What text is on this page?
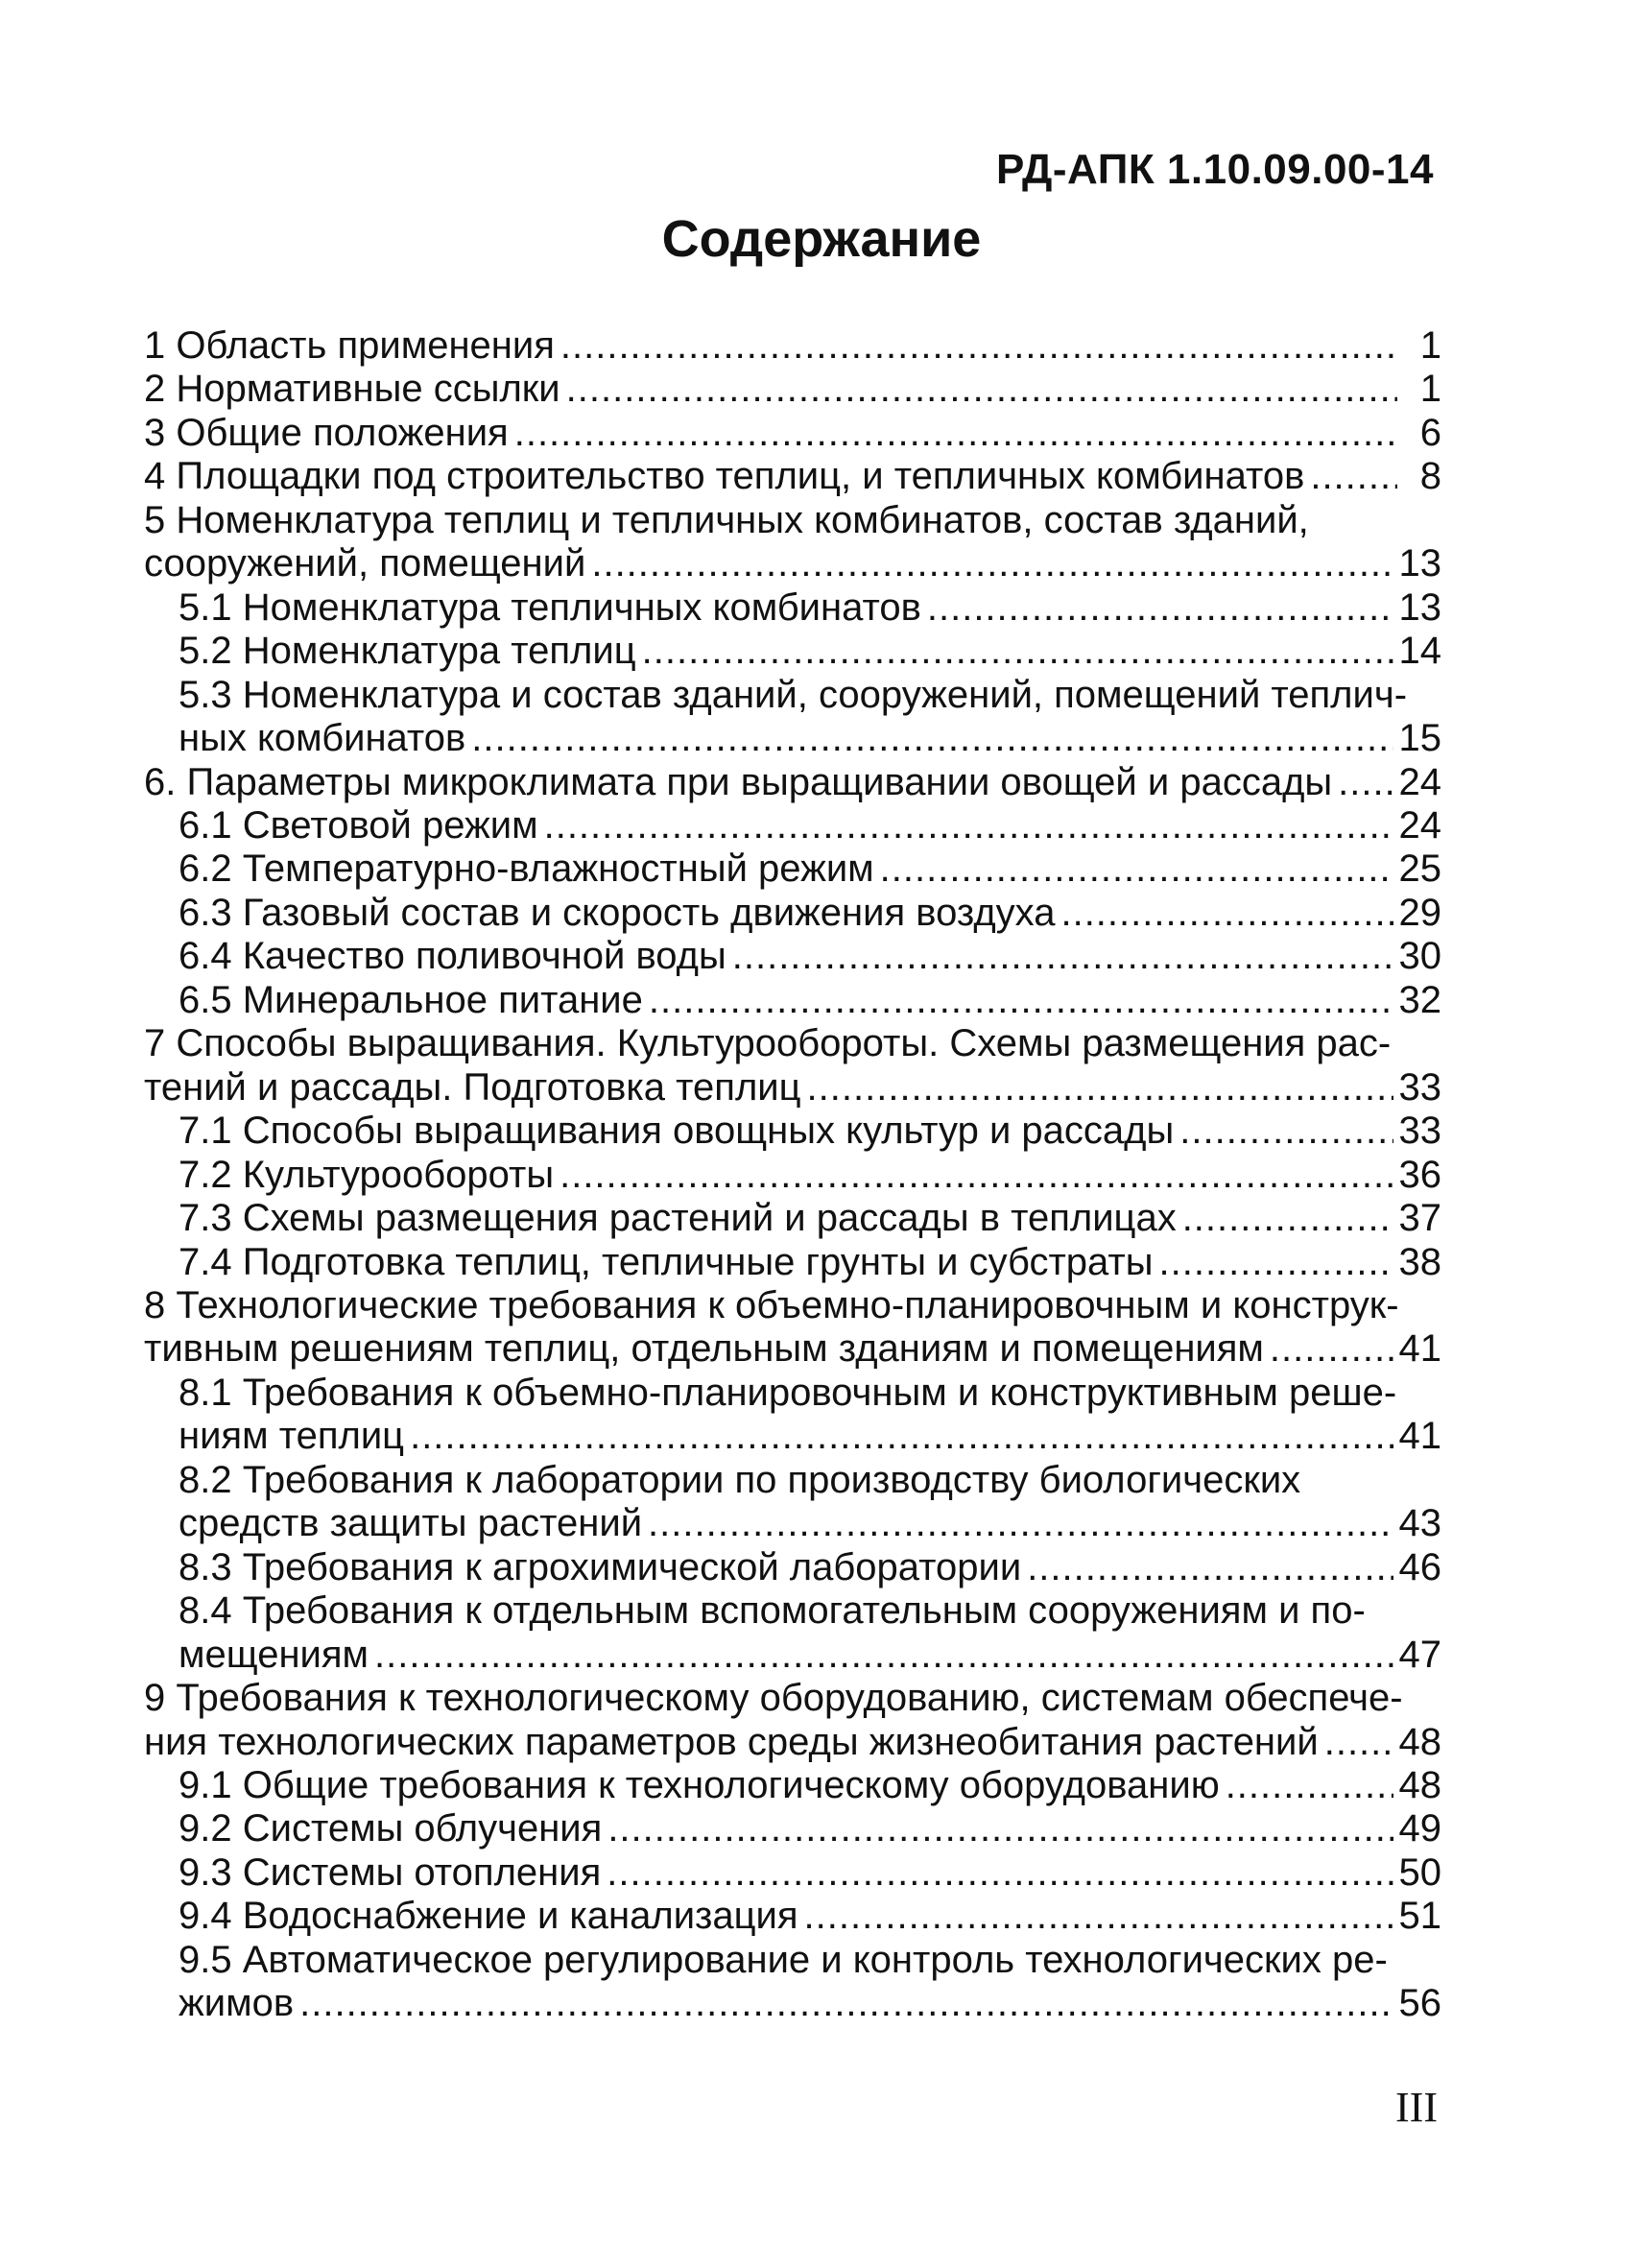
РД-АПК 1.10.09.00-14
Содержание
1 Область применения .....	1
2 Нормативные ссылки .....	1
3 Общие положения .....	6
4 Площадки под строительство теплиц, и тепличных комбинатов .....	8
5 Номенклатура теплиц и тепличных комбинатов, состав зданий,
сооружений, помещений .....	13
5.1 Номенклатура тепличных комбинатов .....	13
5.2 Номенклатура теплиц .....	14
5.3 Номенклатура и состав зданий, сооружений, помещений теплич-
ных комбинатов .....	15
6. Параметры микроклимата при выращивании овощей и рассады ..... 24
6.1 Световой режим .....	24
6.2 Температурно-влажностный режим .....	25
6.3 Газовый состав и скорость движения воздуха .....	29
6.4 Качество поливочной воды .....	30
6.5 Минеральное питание .....	32
7 Способы выращивания. Культурообороты. Схемы размещения рас-
тений и рассады. Подготовка теплиц .....	33
7.1 Способы выращивания овощных культур и рассады .....	33
7.2 Культурообороты .....	36
7.3 Схемы размещения растений и рассады в теплицах .....	37
7.4 Подготовка теплиц, тепличные грунты и субстраты .....	38
8 Технологические требования к объемно-планировочным и конструк-
тивным решениям теплиц, отдельным зданиям и помещениям .....	41
8.1 Требования к объемно-планировочным и конструктивным реше-
ниям теплиц .....	41
8.2 Требования к лаборатории по производству биологических
средств защиты растений .....	43
8.3 Требования к агрохимической лаборатории .....	46
8.4 Требования к отдельным вспомогательным сооружениям и по-
мещениям .....	47
9 Требования к технологическому оборудованию, системам обеспече-
ния технологических параметров среды жизнеобитания растений ..... 48
9.1 Общие требования к технологическому оборудованию .....	48
9.2 Системы облучения .....	49
9.3 Системы отопления .....	50
9.4 Водоснабжение и канализация .....	51
9.5 Автоматическое регулирование и контроль технологических ре-
жимов .....	56
III
